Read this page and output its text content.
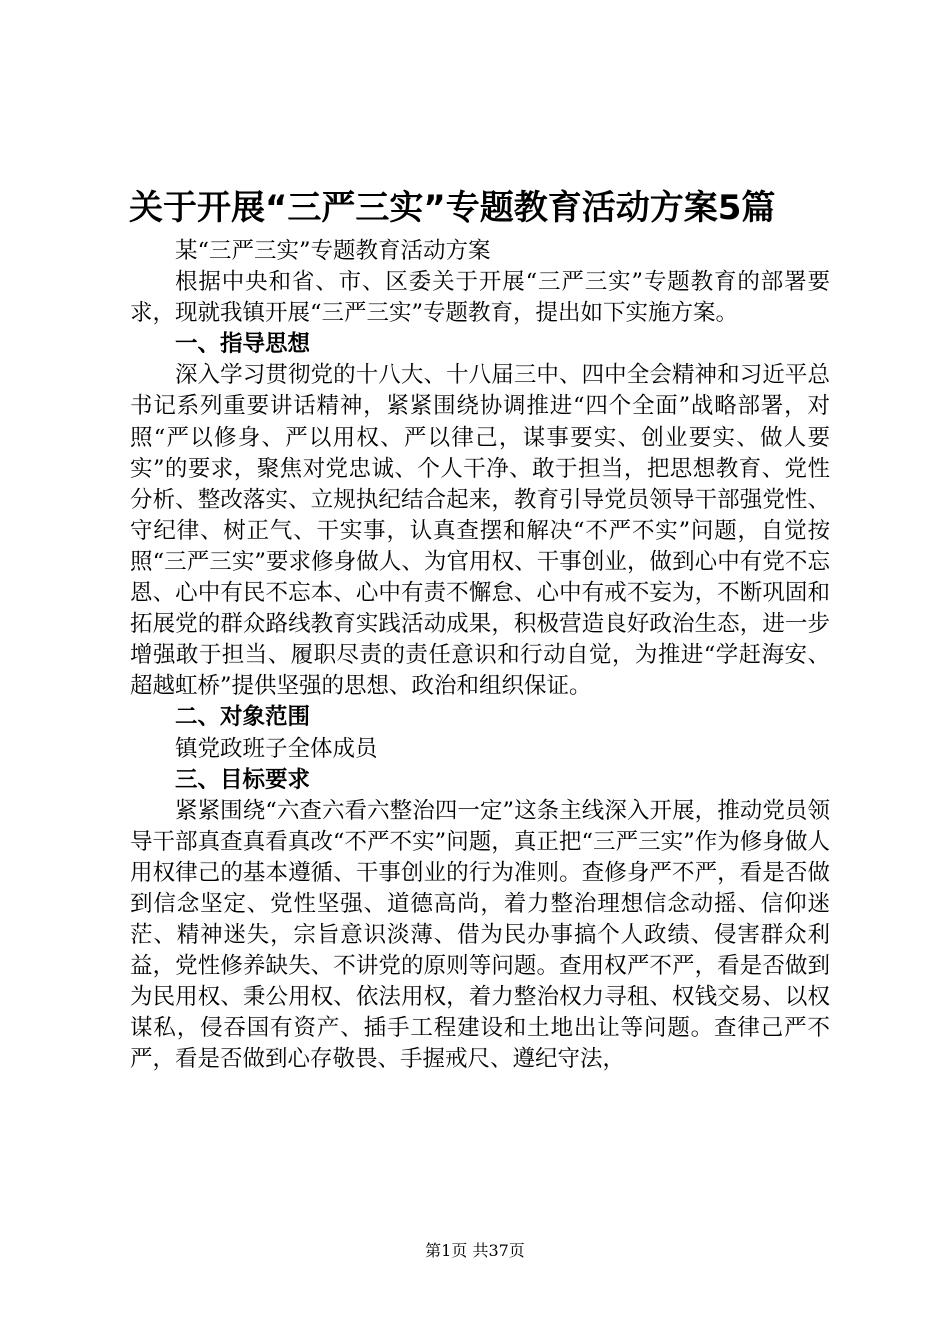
关于开展“三严三实”专题教育活动方案5篇

某“三严三实”专题教育活动方案

根据中央和省、市、区委关于开展“三严三实”专题教育的部署要求，现就我镇开展“三严三实”专题教育，提出如下实施方案。

一、指导思想

深入学习贯彻党的十八大、十八届三中、四中全会精神和习近平总书记系列重要讲话精神，紧紧围绕协调推进“四个全面”战略部署，对照“严以修身、严以用权、严以律己，谋事要实、创业要实、做人要实”的要求，聚焦对党忠诚、个人干净、敢于担当，把思想教育、党性分析、整改落实、立规执纪结合起来，教育引导党员领导干部强党性、守纪律、树正气、干实事，认真查摆和解决“不严不实”问题，自觉按照“三严三实”要求修身做人、为官用权、干事创业，做到心中有党不忘恩、心中有民不忘本、心中有责不懈怠、心中有戒不妄为，不断巩固和拓展党的群众路线教育实践活动成果，积极营造良好政治生态，进一步增强敢于担当、履职尽责的责任意识和行动自觉，为推进“学赶海安、超越虹桥”提供坚强的思想、政治和组织保证。

二、对象范围

镇党政班子全体成员

三、目标要求

紧紧围绕“六查六看六整治四一定”这条主线深入开展，推动党员领导干部真查真看真改“不严不实”问题，真正把“三严三实”作为修身做人用权律己的基本遵循、干事创业的行为准则。查修身严不严，看是否做到信念坚定、党性坚强、道德高尚，着力整治理想信念动摇、信仰迷茫、精神迷失，宗旨意识淡薄、借为民办事搞个人政绩、侵害群众利益，党性修养缺失、不讲党的原则等问题。查用权严不严，看是否做到为民用权、秉公用权、依法用权，着力整治权力寻租、权钱交易、以权谋私，侵吞国有资产、插手工程建设和土地出让等问题。查律己严不严，看是否做到心存敬畏、手握戒尺、遵纪守法，

第1页 共37页
